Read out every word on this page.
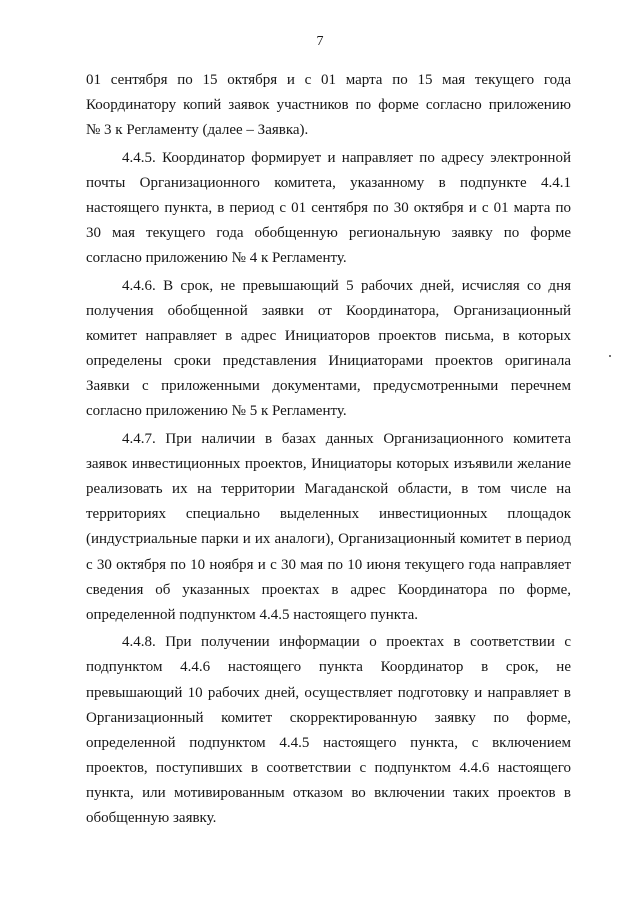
7
01 сентября по 15 октября и с 01 марта по 15 мая текущего года
Координатору копий заявок участников по форме согласно приложению
№ 3 к Регламенту (далее – Заявка).
4.4.5. Координатор формирует и направляет по адресу электронной
почты Организационного комитета, указанному в подпункте 4.4.1
настоящего пункта, в период с 01 сентября по 30 октября и с 01 марта по
30 мая текущего года обобщенную региональную заявку по форме
согласно приложению № 4 к Регламенту.
4.4.6. В срок, не превышающий 5 рабочих дней, исчисляя со дня
получения обобщенной заявки от Координатора, Организационный
комитет направляет в адрес Инициаторов проектов письма, в которых
определены сроки представления Инициаторами проектов оригинала
Заявки с приложенными документами, предусмотренными перечнем
согласно приложению № 5 к Регламенту.
4.4.7. При наличии в базах данных Организационного комитета
заявок инвестиционных проектов, Инициаторы которых изъявили желание
реализовать их на территории Магаданской области, в том числе на
территориях специально выделенных инвестиционных площадок
(индустриальные парки и их аналоги), Организационный комитет в период
с 30 октября по 10 ноября и с 30 мая по 10 июня текущего года направляет
сведения об указанных проектах в адрес Координатора по форме,
определенной подпунктом 4.4.5 настоящего пункта.
4.4.8. При получении информации о проектах в соответствии с
подпунктом 4.4.6 настоящего пункта Координатор в срок, не
превышающий 10 рабочих дней, осуществляет подготовку и направляет в
Организационный комитет скорректированную заявку по форме,
определенной подпунктом 4.4.5 настоящего пункта, с включением
проектов, поступивших в соответствии с подпунктом 4.4.6 настоящего
пункта, или мотивированным отказом во включении таких проектов в
обобщенную заявку.
